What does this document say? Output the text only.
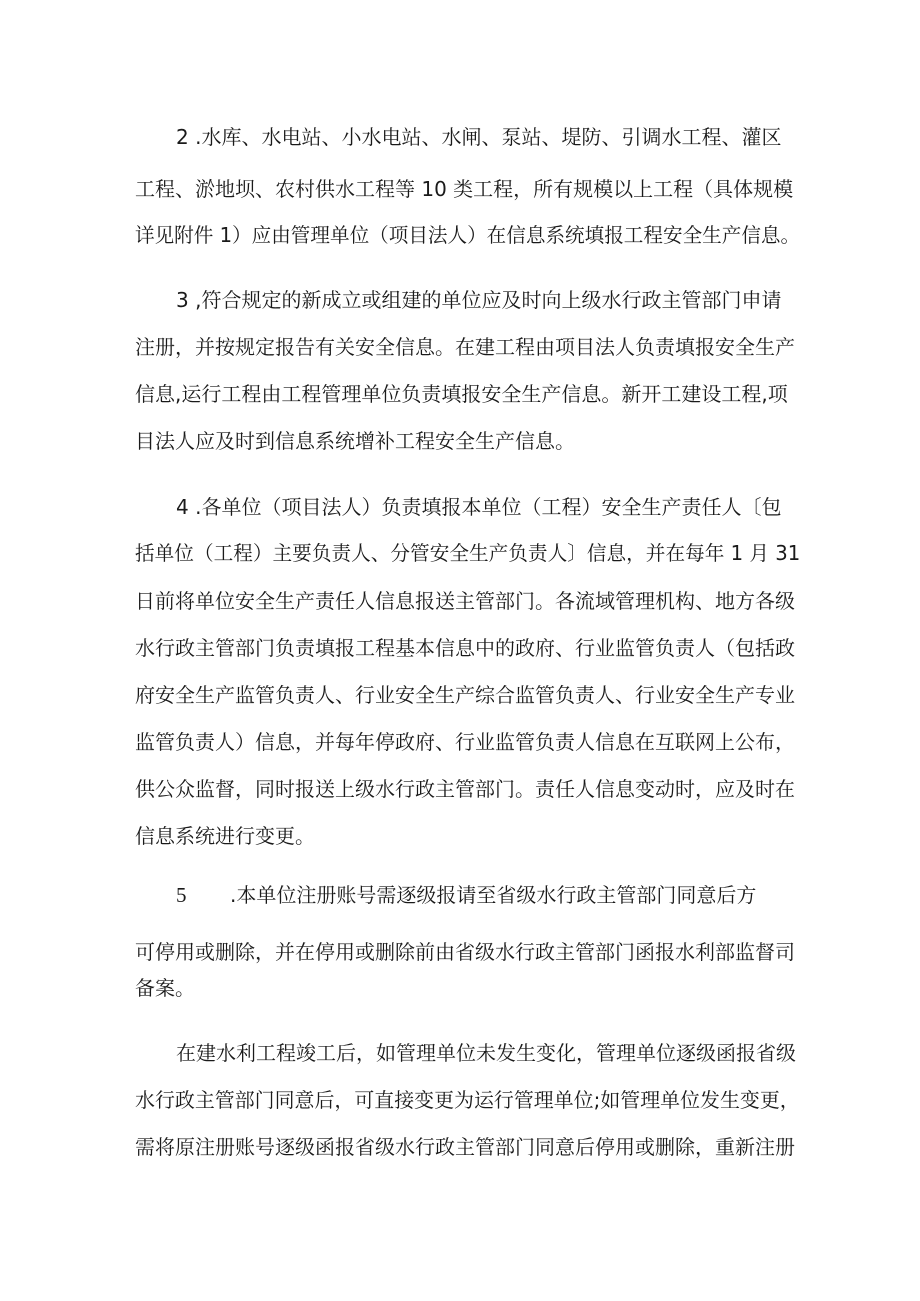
2 .水库、水电站、小水电站、水闸、泵站、堤防、引调水工程、灌区
工程、淤地坝、农村供水工程等 10 类工程，所有规模以上工程（具体规模
详见附件 1）应由管理单位（项目法人）在信息系统填报工程安全生产信息。
3 ,符合规定的新成立或组建的单位应及时向上级水行政主管部门申请
注册，并按规定报告有关安全信息。在建工程由项目法人负责填报安全生产
信息,运行工程由工程管理单位负责填报安全生产信息。新开工建设工程,项
目法人应及时到信息系统增补工程安全生产信息。
4 .各单位（项目法人）负责填报本单位（工程）安全生产责任人〔包
括单位（工程）主要负责人、分管安全生产负责人〕信息，并在每年 1 月 31
日前将单位安全生产责任人信息报送主管部门。各流域管理机构、地方各级
水行政主管部门负责填报工程基本信息中的政府、行业监管负责人（包括政
府安全生产监管负责人、行业安全生产综合监管负责人、行业安全生产专业
监管负责人）信息，并每年停政府、行业监管负责人信息在互联网上公布，
供公众监督，同时报送上级水行政主管部门。责任人信息变动时，应及时在
信息系统进行变更。
5 .本单位注册账号需逐级报请至省级水行政主管部门同意后方
可停用或删除，并在停用或删除前由省级水行政主管部门函报水利部监督司
备案。
在建水利工程竣工后，如管理单位未发生变化，管理单位逐级函报省级
水行政主管部门同意后，可直接变更为运行管理单位;如管理单位发生变更，
需将原注册账号逐级函报省级水行政主管部门同意后停用或删除，重新注册
